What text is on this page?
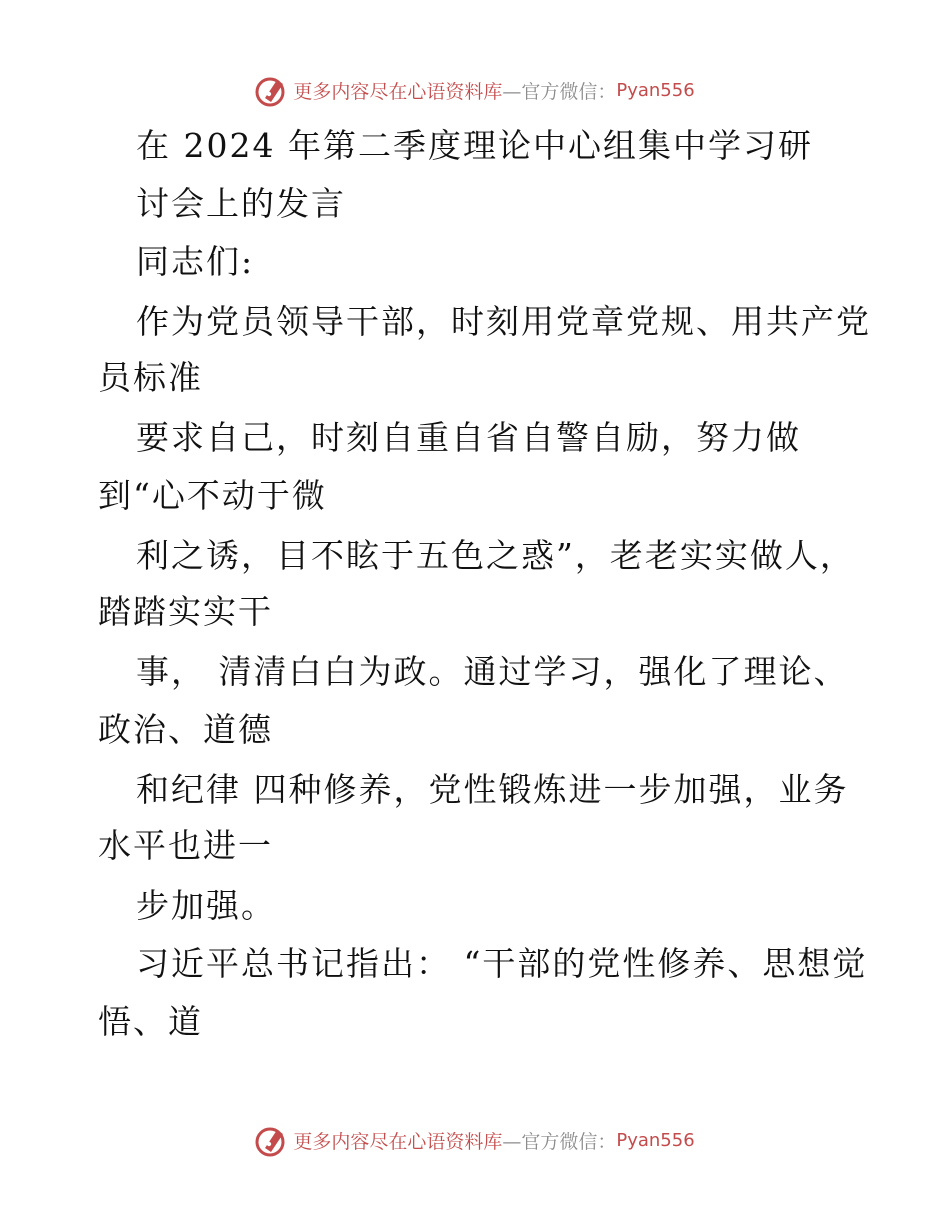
更多内容尽在心语资料库 —官方微信： Pyan556
在 2024 年第二季度理论中心组集中学习研
讨会上的发言
同志们:
作为党员领导干部，时刻用党章党规、用共产党
员标准
要求自己，时刻自重自省自警自励，努力做
到“心不动于微
利之诱，目不眩于五色之惑”，老老实实做人，
踏踏实实干
事， 清清白白为政。通过学习，强化了理论、
政治、道德
和纪律 四种修养，党性锻炼进一步加强，业务
水平也进一
步加强。
习近平总书记指出： “干部的党性修养、思想觉
悟、道
更多内容尽在心语资料库 —官方微信： Pyan556
